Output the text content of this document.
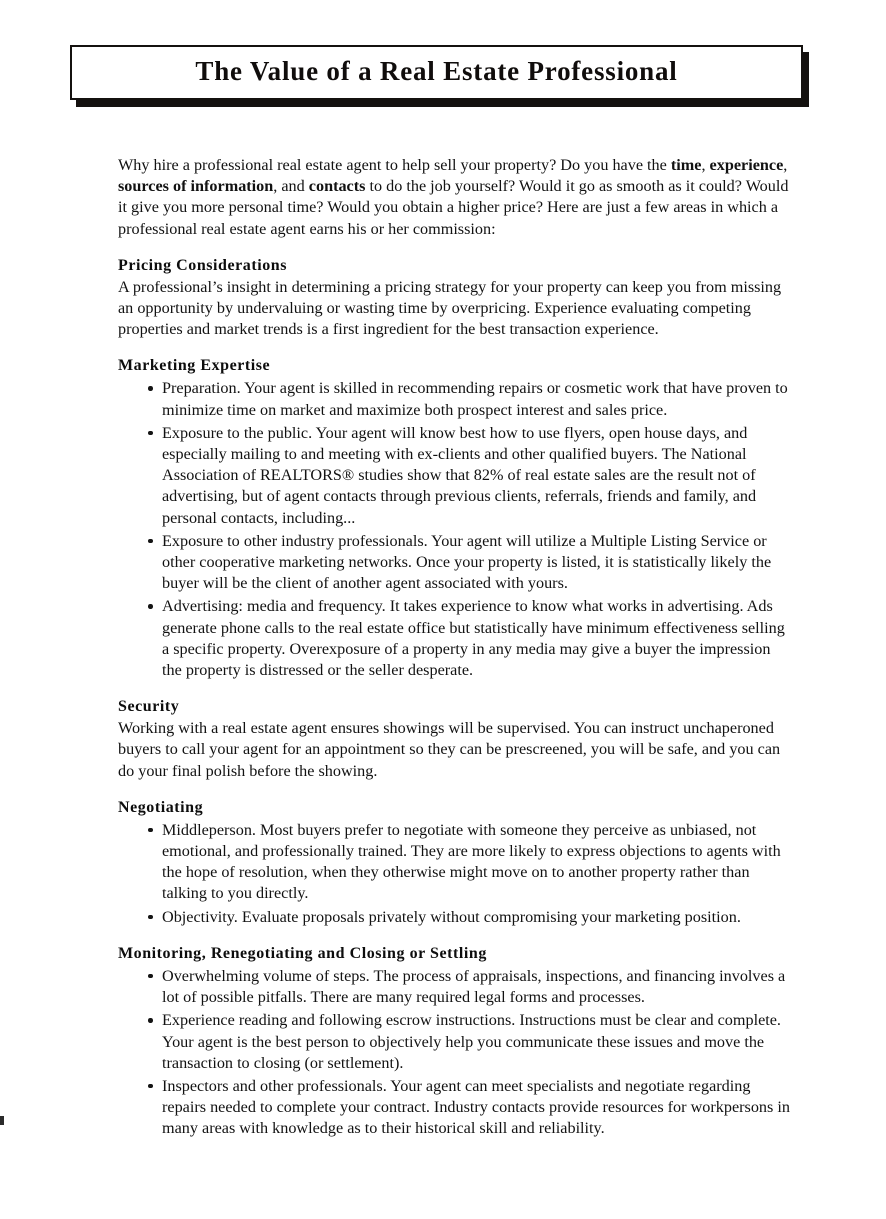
The Value of a Real Estate Professional

Why hire a professional real estate agent to help sell your property? Do you have the time, experience, sources of information, and contacts to do the job yourself? Would it go as smooth as it could? Would it give you more personal time? Would you obtain a higher price? Here are just a few areas in which a professional real estate agent earns his or her commission:

Pricing Considerations

A professional’s insight in determining a pricing strategy for your property can keep you from missing an opportunity by undervaluing or wasting time by overpricing. Experience evaluating competing properties and market trends is a first ingredient for the best transaction experience.

Marketing Expertise
Preparation. Your agent is skilled in recommending repairs or cosmetic work that have proven to minimize time on market and maximize both prospect interest and sales price.
Exposure to the public. Your agent will know best how to use flyers, open house days, and especially mailing to and meeting with ex-clients and other qualified buyers. The National Association of REALTORS® studies show that 82% of real estate sales are the result not of advertising, but of agent contacts through previous clients, referrals, friends and family, and personal contacts, including...
Exposure to other industry professionals. Your agent will utilize a Multiple Listing Service or other cooperative marketing networks. Once your property is listed, it is statistically likely the buyer will be the client of another agent associated with yours.
Advertising: media and frequency. It takes experience to know what works in advertising. Ads generate phone calls to the real estate office but statistically have minimum effectiveness selling a specific property. Overexposure of a property in any media may give a buyer the impression the property is distressed or the seller desperate.
Security

Working with a real estate agent ensures showings will be supervised. You can instruct unchaperoned buyers to call your agent for an appointment so they can be prescreened, you will be safe, and you can do your final polish before the showing.

Negotiating
Middleperson. Most buyers prefer to negotiate with someone they perceive as unbiased, not emotional, and professionally trained. They are more likely to express objections to agents with the hope of resolution, when they otherwise might move on to another property rather than talking to you directly.
Objectivity. Evaluate proposals privately without compromising your marketing position.
Monitoring, Renegotiating and Closing or Settling
Overwhelming volume of steps. The process of appraisals, inspections, and financing involves a lot of possible pitfalls. There are many required legal forms and processes.
Experience reading and following escrow instructions. Instructions must be clear and complete. Your agent is the best person to objectively help you communicate these issues and move the transaction to closing (or settlement).
Inspectors and other professionals. Your agent can meet specialists and negotiate regarding repairs needed to complete your contract. Industry contacts provide resources for workpersons in many areas with knowledge as to their historical skill and reliability.
